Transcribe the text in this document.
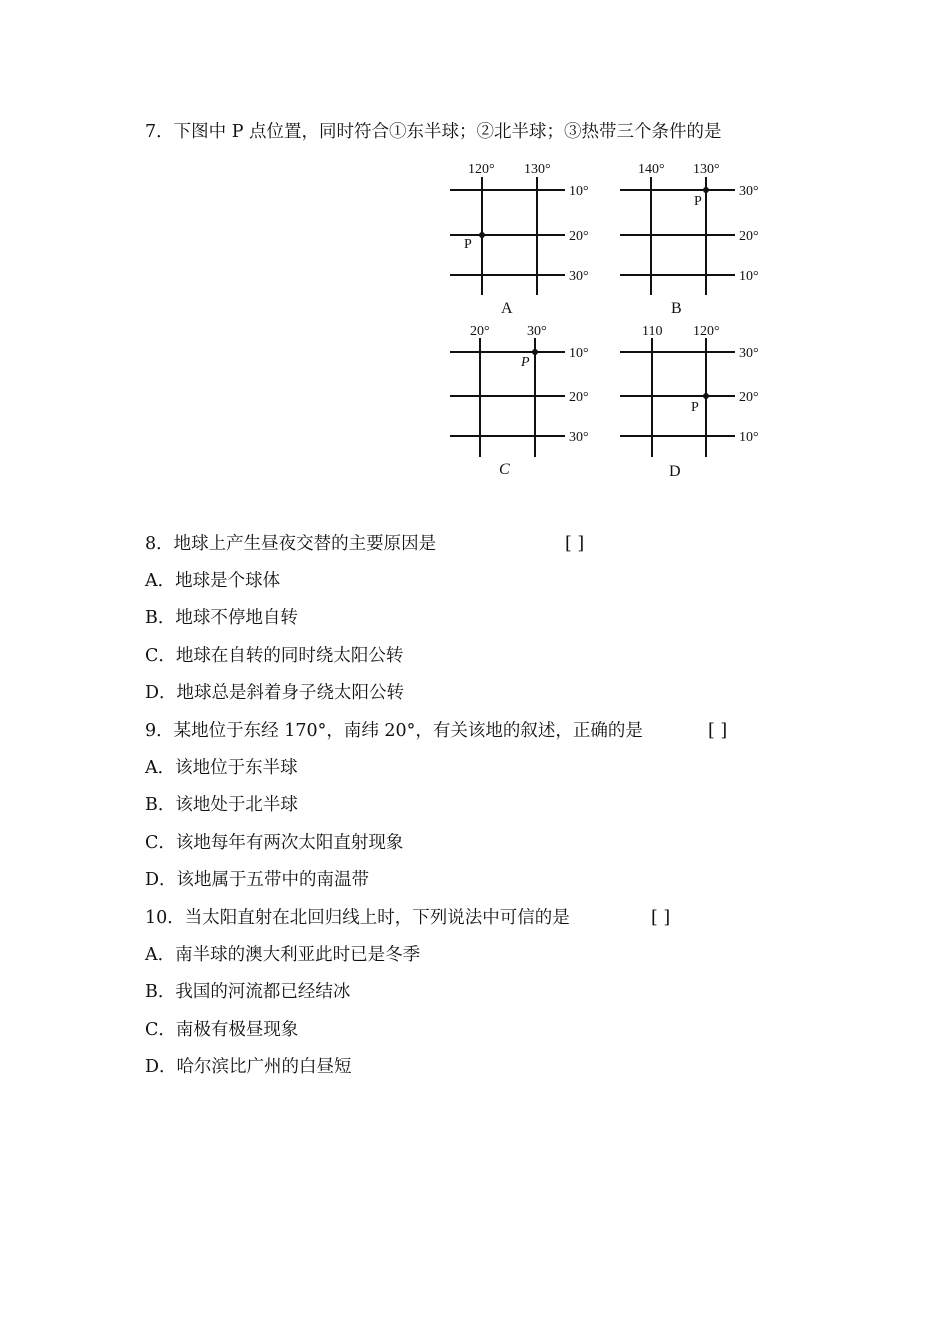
7．下图中 P 点位置，同时符合①东半球；②北半球；③热带三个条件的是
120° 130°
10°
20°
30°
P
A
140° 130°
30°
20°
10°
P
B
20°	30°
10°
20°
30°
P
C
110 120°
30°
20°
10°
P
D
8．地球上产生昼夜交替的主要原因是	[ ]
A．地球是个球体
B．地球不停地自转
C．地球在自转的同时绕太阳公转
D．地球总是斜着身子绕太阳公转
9．某地位于东经 170°，南纬 20°，有关该地的叙述，正确的是	[ ]
A．该地位于东半球
B．该地处于北半球
C．该地每年有两次太阳直射现象
D．该地属于五带中的南温带
10．当太阳直射在北回归线上时，下列说法中可信的是	[ ]
A．南半球的澳大利亚此时已是冬季
B．我国的河流都已经结冰
C．南极有极昼现象
D．哈尔滨比广州的白昼短
